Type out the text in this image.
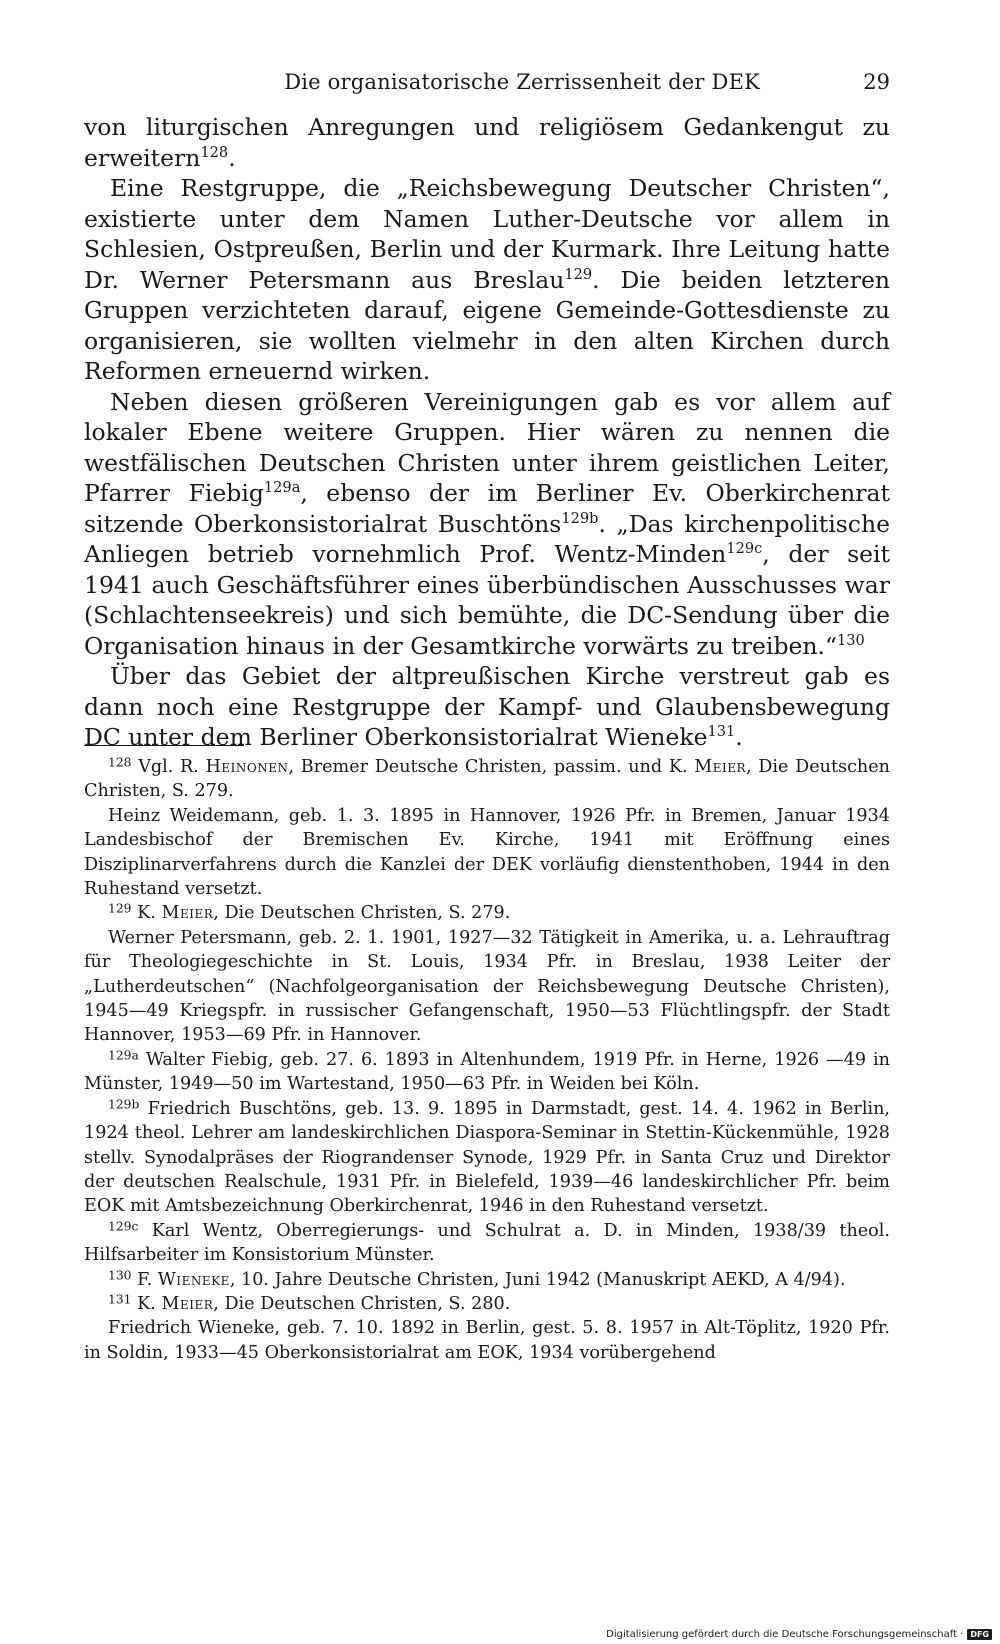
Die organisatorische Zerrissenheit der DEK	29

von liturgischen Anregungen und religiösem Gedankengut zu erweitern$^{128}$.

Eine Restgruppe, die „Reichsbewegung Deutscher Christen“, existierte unter dem Namen Luther-Deutsche vor allem in Schlesien, Ostpreußen, Berlin und der Kurmark. Ihre Leitung hatte Dr. Werner Petersmann aus Breslau$^{129}$. Die beiden letzteren Gruppen verzichteten darauf, eigene Gemeinde-Gottesdienste zu organisieren, sie wollten vielmehr in den alten Kirchen durch Reformen erneuernd wirken.

Neben diesen größeren Vereinigungen gab es vor allem auf lokaler Ebene weitere Gruppen. Hier wären zu nennen die westfälischen Deutschen Christen unter ihrem geistlichen Leiter, Pfarrer Fiebig$^{129a}$, ebenso der im Berliner Ev. Oberkirchenrat sitzende Oberkonsistorialrat Buschtöns$^{129b}$. „Das kirchenpolitische Anliegen betrieb vornehmlich Prof. Wentz-Minden$^{129c}$, der seit 1941 auch Geschäftsführer eines überbündischen Ausschusses war (Schlachtenseekreis) und sich bemühte, die DC-Sendung über die Organisation hinaus in der Gesamtkirche vorwärts zu treiben.“$^{130}$

Über das Gebiet der altpreußischen Kirche verstreut gab es dann noch eine Restgruppe der Kampf- und Glaubensbewegung DC unter dem Berliner Oberkonsistorialrat Wieneke$^{131}$.

$^{128}$ Vgl. R. Heinonen, Bremer Deutsche Christen, passim. und K. Meier, Die Deutschen Christen, S. 279.

Heinz Weidemann, geb. 1. 3. 1895 in Hannover, 1926 Pfr. in Bremen, Januar 1934 Landesbischof der Bremischen Ev. Kirche, 1941 mit Eröffnung eines Disziplinarverfahrens durch die Kanzlei der DEK vorläufig dienstenthoben, 1944 in den Ruhestand versetzt.

$^{129}$ K. Meier, Die Deutschen Christen, S. 279.

Werner Petersmann, geb. 2. 1. 1901, 1927—32 Tätigkeit in Amerika, u. a. Lehrauftrag für Theologiegeschichte in St. Louis, 1934 Pfr. in Breslau, 1938 Leiter der „Lutherdeutschen“ (Nachfolgeorganisation der Reichsbewegung Deutsche Christen), 1945—49 Kriegspfr. in russischer Gefangenschaft, 1950—53 Flüchtlingspfr. der Stadt Hannover, 1953—69 Pfr. in Hannover.

$^{129a}$ Walter Fiebig, geb. 27. 6. 1893 in Altenhundem, 1919 Pfr. in Herne, 1926 —49 in Münster, 1949—50 im Wartestand, 1950—63 Pfr. in Weiden bei Köln.

$^{129b}$ Friedrich Buschtöns, geb. 13. 9. 1895 in Darmstadt, gest. 14. 4. 1962 in Berlin, 1924 theol. Lehrer am landeskirchlichen Diaspora-Seminar in Stettin-Kückenmühle, 1928 stellv. Synodalpräses der Riograndenser Synode, 1929 Pfr. in Santa Cruz und Direktor der deutschen Realschule, 1931 Pfr. in Bielefeld, 1939—46 landeskirchlicher Pfr. beim EOK mit Amtsbezeichnung Oberkirchenrat, 1946 in den Ruhestand versetzt.

$^{129c}$ Karl Wentz, Oberregierungs- und Schulrat a. D. in Minden, 1938/39 theol. Hilfsarbeiter im Konsistorium Münster.

$^{130}$ F. Wieneke, 10. Jahre Deutsche Christen, Juni 1942 (Manuskript AEKD, A 4/94).

$^{131}$ K. Meier, Die Deutschen Christen, S. 280.

Friedrich Wieneke, geb. 7. 10. 1892 in Berlin, gest. 5. 8. 1957 in Alt-Töplitz, 1920 Pfr. in Soldin, 1933—45 Oberkonsistorialrat am EOK, 1934 vorübergehend

Digitalisierung gefördert durch die Deutsche Forschungsgemeinschaft · DFG
